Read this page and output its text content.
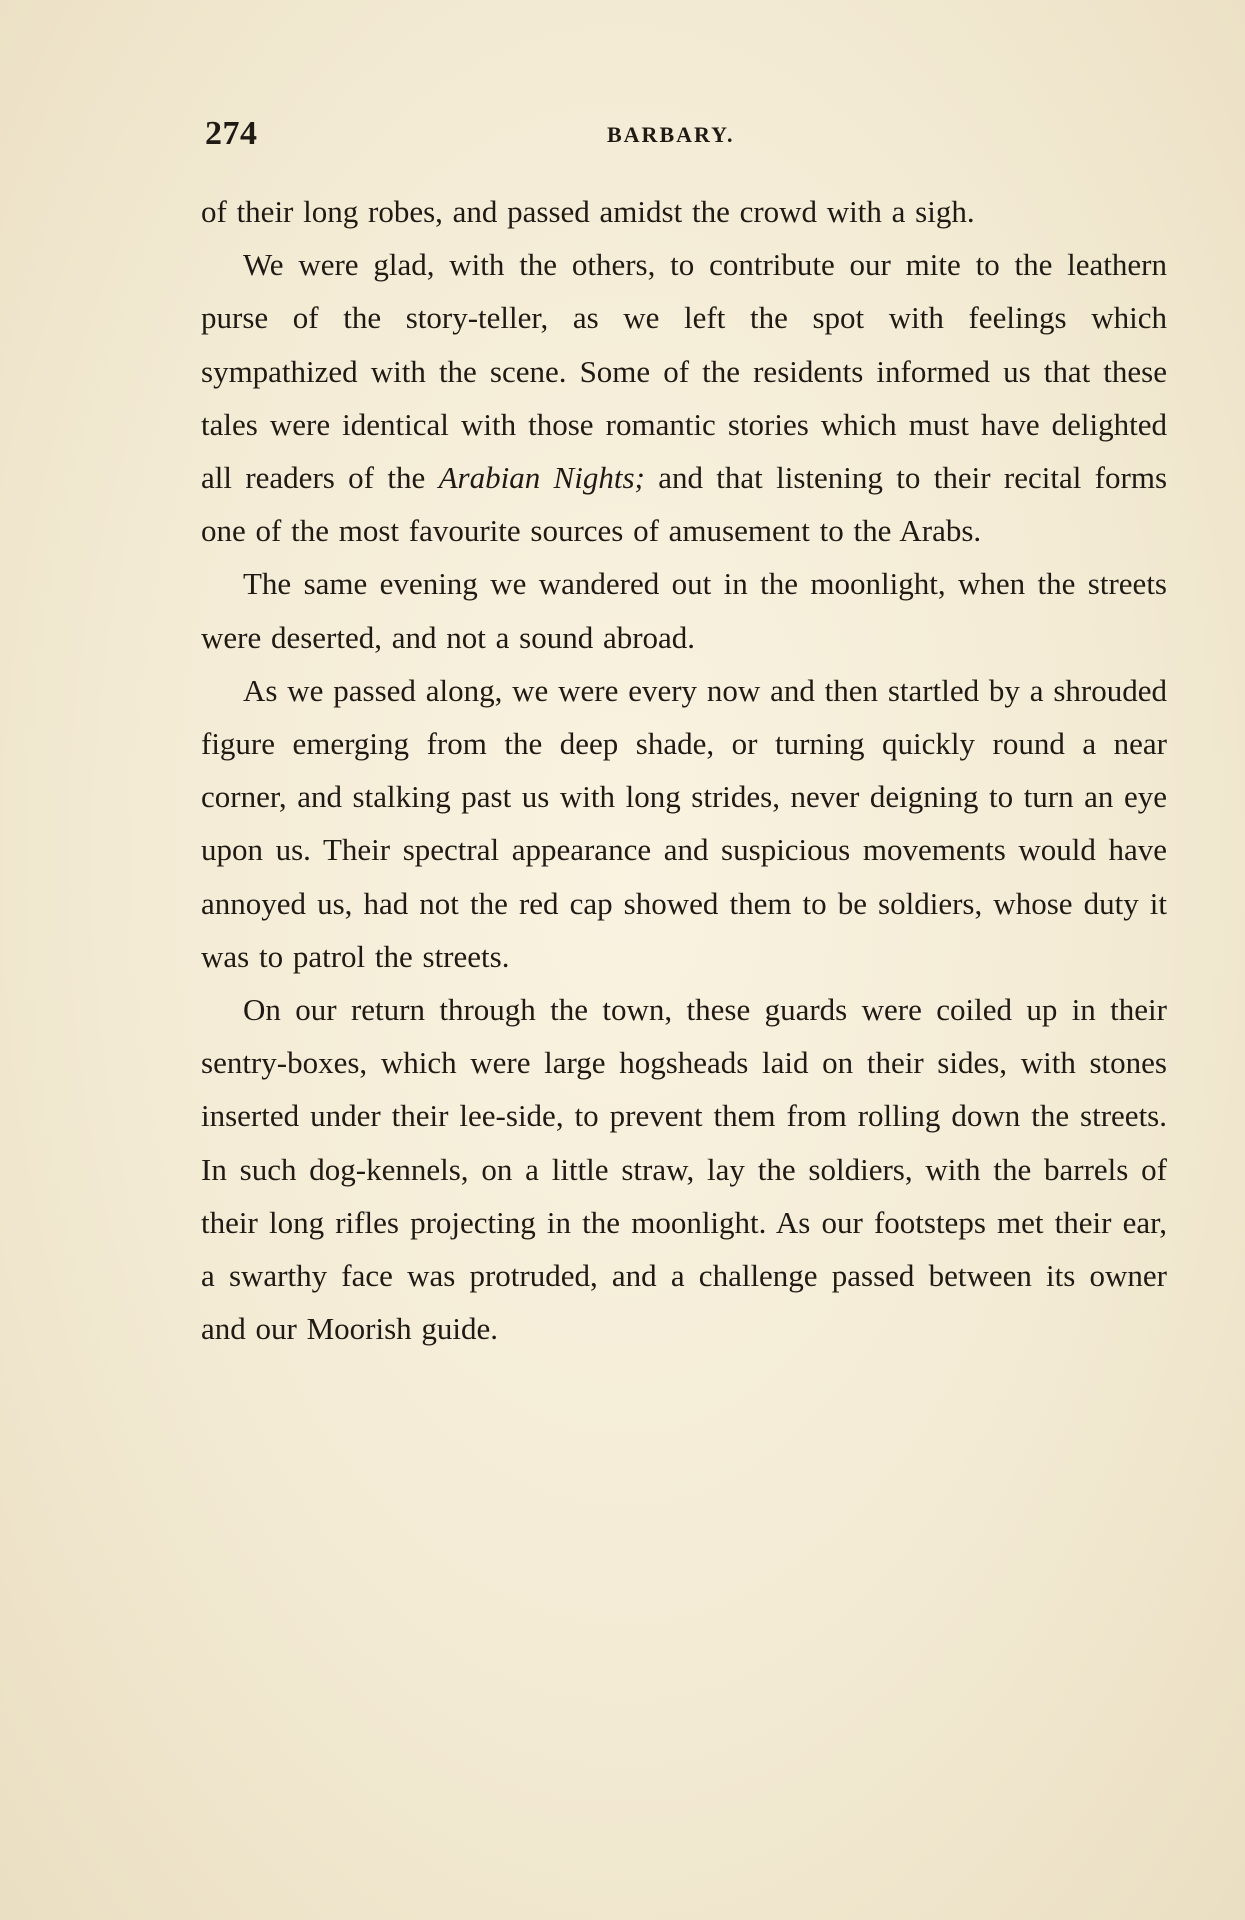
274	BARBARY.

of their long robes, and passed amidst the crowd with a sigh.

We were glad, with the others, to contribute our mite to the leathern purse of the story-teller, as we left the spot with feelings which sympathized with the scene. Some of the residents informed us that these tales were identical with those romantic stories which must have delighted all readers of the Arabian Nights; and that listening to their recital forms one of the most favourite sources of amusement to the Arabs.

The same evening we wandered out in the moonlight, when the streets were deserted, and not a sound abroad.

As we passed along, we were every now and then startled by a shrouded figure emerging from the deep shade, or turning quickly round a near corner, and stalking past us with long strides, never deigning to turn an eye upon us. Their spectral appearance and suspicious movements would have annoyed us, had not the red cap showed them to be soldiers, whose duty it was to patrol the streets.

On our return through the town, these guards were coiled up in their sentry-boxes, which were large hogsheads laid on their sides, with stones inserted under their lee-side, to prevent them from rolling down the streets. In such dog-kennels, on a little straw, lay the soldiers, with the barrels of their long rifles projecting in the moonlight. As our footsteps met their ear, a swarthy face was protruded, and a challenge passed between its owner and our Moorish guide.
